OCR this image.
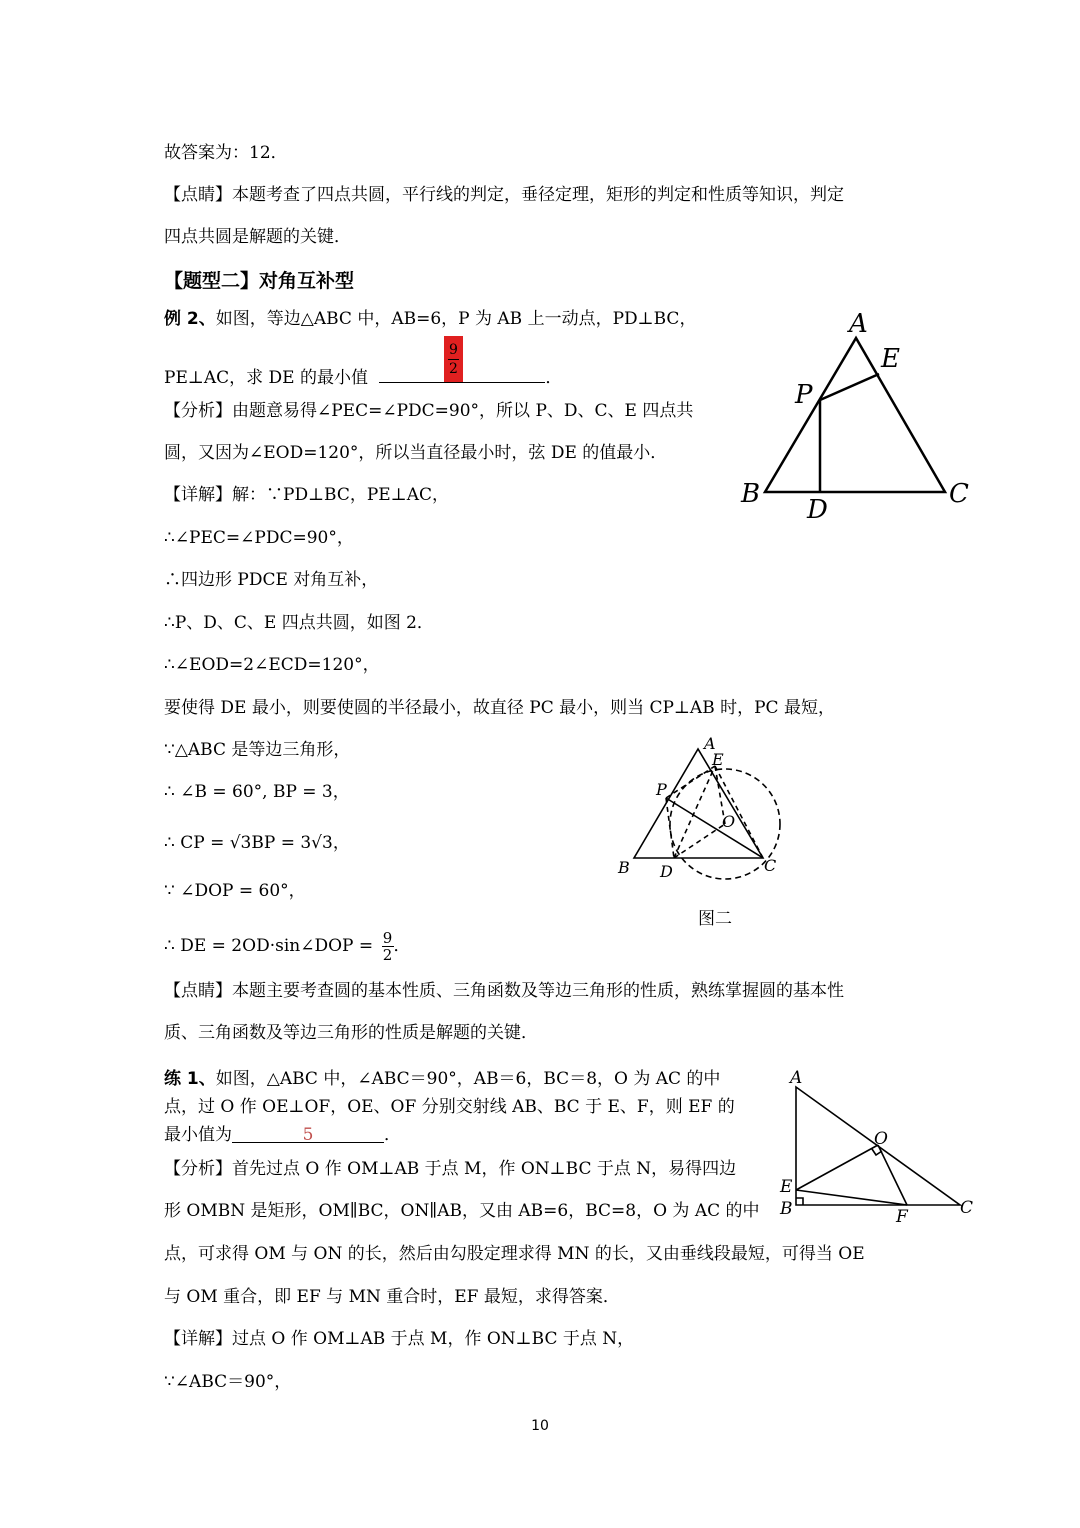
故答案为：12．
【点睛】本题考查了四点共圆，平行线的判定，垂径定理，矩形的判定和性质等知识，判定
四点共圆是解题的关键．
【题型二】对角互补型
例 2、如图，等边△ABC 中，AB=6，P 为 AB 上一动点，PD⊥BC，
PE⊥AC，求 DE 的最小值	．
9
2
【分析】由题意易得∠PEC=∠PDC=90°，所以 P、D、C、E 四点共
圆，又因为∠EOD=120°，所以当直径最小时，弦 DE 的值最小．
【详解】解：∵PD⊥BC，PE⊥AC，
∴∠PEC=∠PDC=90°，
∴四边形 PDCE 对角互补，
∴P、D、C、E 四点共圆，如图 2．
∴∠EOD=2∠ECD=120°，
要使得 DE 最小，则要使圆的半径最小，故直径 PC 最小，则当 CP⊥AB 时，PC 最短，
∵△ABC 是等边三角形，
∴ ∠B = 60°, BP = 3，
∴ CP = √3BP = 3√3，
∵ ∠DOP = 60°，
∴ DE = 2OD·sin∠DOP = $\frac{9}{2}$ ．
【点睛】本题主要考查圆的基本性质、三角函数及等边三角形的性质，熟练掌握圆的基本性
质、三角函数及等边三角形的性质是解题的关键．
练 1、如图，△ABC 中，∠ABC＝90°，AB＝6，BC＝8，O 为 AC 的中
点，过 O 作 OE⊥OF，OE、OF 分别交射线 AB、BC 于 E、F，则 EF 的
最小值为	5	．
【分析】首先过点 O 作 OM⊥AB 于点 M，作 ON⊥BC 于点 N，易得四边
形 OMBN 是矩形，OM∥BC，ON∥AB，又由 AB=6，BC=8，O 为 AC 的中
点，可求得 OM 与 ON 的长，然后由勾股定理求得 MN 的长，又由垂线段最短，可得当 OE
与 OM 重合，即 EF 与 MN 重合时，EF 最短，求得答案．
【详解】过点 O 作 OM⊥AB 于点 M，作 ON⊥BC 于点 N，
∵∠ABC＝90°，
A
E
P
B	C
D
A
E
P
O
B D	C
图二
A
O
E
B	F	C
10
